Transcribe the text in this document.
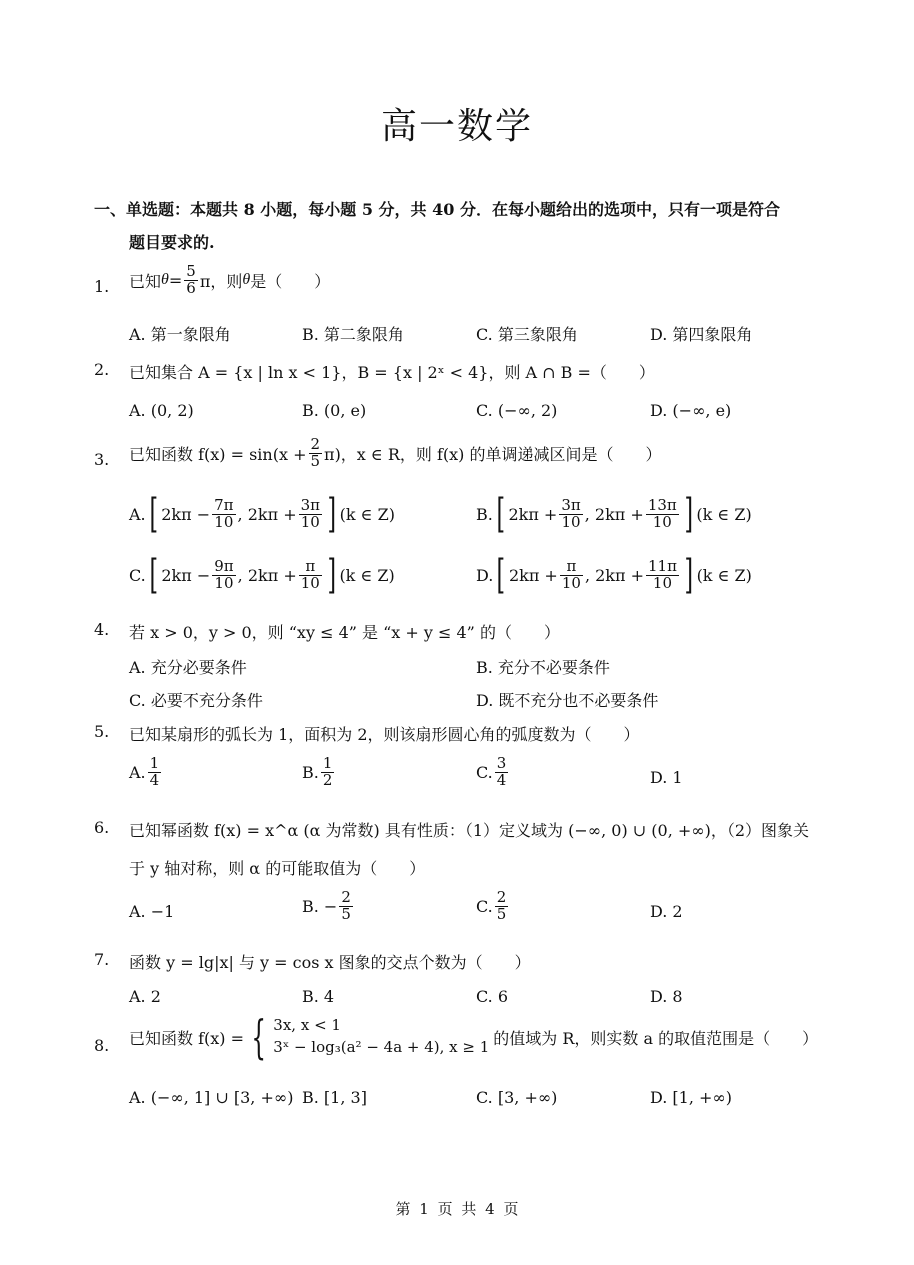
高一数学
一、单选题：本题共 8 小题，每小题 5 分，共 40 分．在每小题给出的选项中，只有一项是符合
题目要求的.
1. 已知 $\theta = \frac{5}{6}$ π，则 θ 是（　　）
A. 第一象限角	B. 第二象限角	C. 第三象限角	D. 第四象限角
2. 已知集合 A = {x | ln x < 1}，B = {x | 2ˣ < 4}，则 A ∩ B =（　　）
A. (0, 2)	B. (0, e)	C. (−∞, 2)	D. (−∞, e)
3. 已知函数 $f(x) = \sin(x + \frac{2}{5} \pi)$，x ∈ R，则 f(x) 的单调递减区间是（　　）
A. [ $2k\pi - \frac{7\pi}{10}$ , $2k\pi + \frac{3\pi}{10}$ ] (k ∈ Z)	B. [ $2k\pi + \frac{3\pi}{10}$ , $2k\pi + \frac{13\pi}{10}$ ] (k ∈ Z)
C. [ $2k\pi - \frac{9\pi}{10}$ , $2k\pi + \frac{\pi}{10}$ ] (k ∈ Z)	D. [ $2k\pi + \frac{\pi}{10}$ , $2k\pi + \frac{11\pi}{10}$ ] (k ∈ Z)
4. 若 x > 0，y > 0，则 “xy ≤ 4” 是 “x + y ≤ 4” 的（　　）
A. 充分必要条件	B. 充分不必要条件
C. 必要不充分条件	D. 既不充分也不必要条件
5. 已知某扇形的弧长为 1，面积为 2，则该扇形圆心角的弧度数为（　　）
A. $\frac{1}{4}$	B. $\frac{1}{2}$	C. $\frac{3}{4}$	D. 1
6. 已知幂函数 f(x) = x^α (α 为常数) 具有性质：（1）定义域为 (−∞, 0) ∪ (0, +∞)，（2）图象关
于 y 轴对称，则 α 的可能取值为（　　）
A. −1	B. − $\frac{2}{5}$	C. $\frac{2}{5}$	D. 2
7. 函数 y = lg|x| 与 y = cos x 图象的交点个数为（　　）
A. 2	B. 4	C. 6	D. 8
8. 已知函数 f(x) = { 3x, x < 1
3ˣ − log₃(a² − 4a + 4), x ≥ 1 的值域为 R，则实数 a 的取值范围是（　　）
A. (−∞, 1] ∪ [3, +∞) B. [1, 3]	C. [3, +∞)	D. [1, +∞)
第 1 页 共 4 页
